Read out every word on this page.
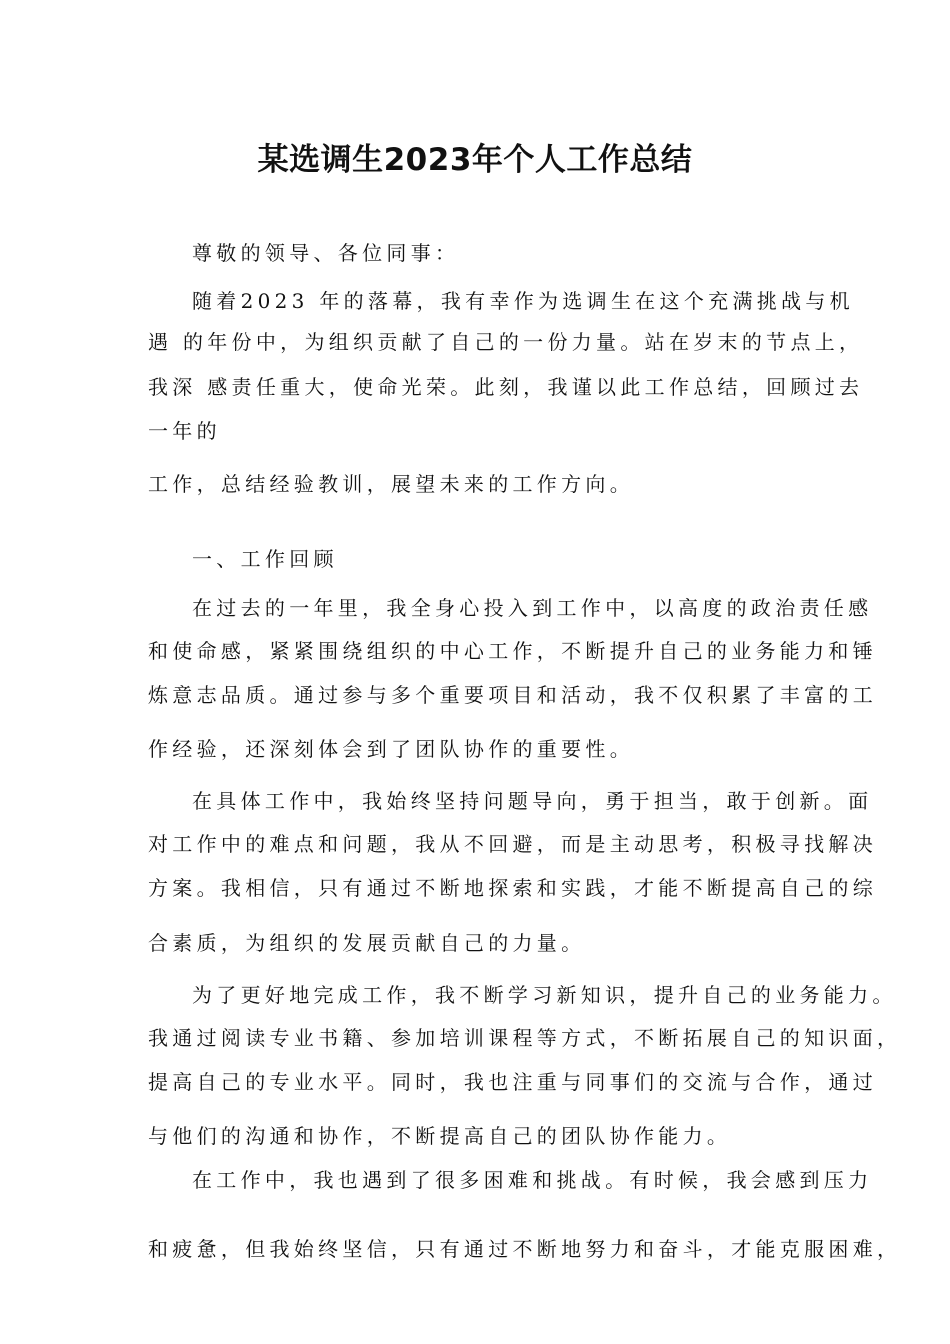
某选调生2023年个人工作总结

尊敬的领导、各位同事：

随着2023 年的落幕，我有幸作为选调生在这个充满挑战与机

遇 的年份中，为组织贡献了自己的一份力量。站在岁末的节点上，

我深 感责任重大，使命光荣。此刻，我谨以此工作总结，回顾过去

一年的

工作，总结经验教训，展望未来的工作方向。

一、工作回顾

在过去的一年里，我全身心投入到工作中，以高度的政治责任感

和使命感，紧紧围绕组织的中心工作，不断提升自己的业务能力和锤

炼意志品质。通过参与多个重要项目和活动，我不仅积累了丰富的工

作经验，还深刻体会到了团队协作的重要性。

在具体工作中，我始终坚持问题导向，勇于担当，敢于创新。面

对工作中的难点和问题，我从不回避，而是主动思考，积极寻找解决

方案。我相信，只有通过不断地探索和实践，才能不断提高自己的综

合素质，为组织的发展贡献自己的力量。

为了更好地完成工作，我不断学习新知识，提升自己的业务能力。

我通过阅读专业书籍、参加培训课程等方式，不断拓展自己的知识面，

提高自己的专业水平。同时，我也注重与同事们的交流与合作，通过

与他们的沟通和协作，不断提高自己的团队协作能力。

在工作中，我也遇到了很多困难和挑战。有时候，我会感到压力

和疲惫，但我始终坚信，只有通过不断地努力和奋斗，才能克服困难，
